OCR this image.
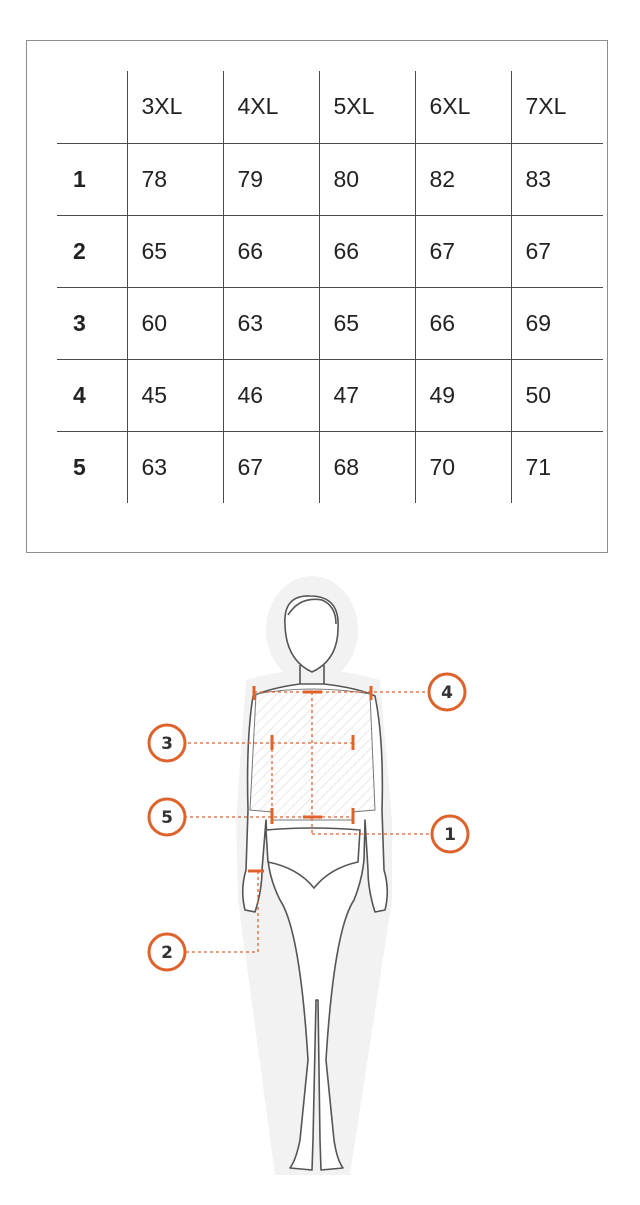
	3XL	4XL	5XL	6XL	7XL
1	78	79	80	82	83
2	65	66	66	67	67
3	60	63	65	66	69
4	45	46	47	49	50
5	63	67	68	70	71
4
3
5
1
2
